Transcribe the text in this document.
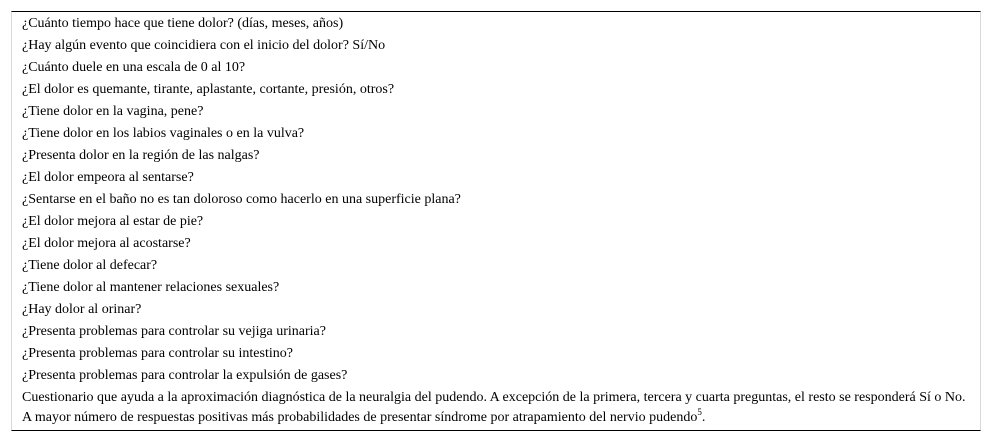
¿Cuánto tiempo hace que tiene dolor? (días, meses, años)
¿Hay algún evento que coincidiera con el inicio del dolor? Sí/No
¿Cuánto duele en una escala de 0 al 10?
¿El dolor es quemante, tirante, aplastante, cortante, presión, otros?
¿Tiene dolor en la vagina, pene?
¿Tiene dolor en los labios vaginales o en la vulva?
¿Presenta dolor en la región de las nalgas?
¿El dolor empeora al sentarse?
¿Sentarse en el baño no es tan doloroso como hacerlo en una superficie plana?
¿El dolor mejora al estar de pie?
¿El dolor mejora al acostarse?
¿Tiene dolor al defecar?
¿Tiene dolor al mantener relaciones sexuales?
¿Hay dolor al orinar?
¿Presenta problemas para controlar su vejiga urinaria?
¿Presenta problemas para controlar su intestino?
¿Presenta problemas para controlar la expulsión de gases?
Cuestionario que ayuda a la aproximación diagnóstica de la neuralgia del pudendo. A excepción de la primera, tercera y cuarta preguntas, el resto se responderá Sí o No. A mayor número de respuestas positivas más probabilidades de presentar síndrome por atrapamiento del nervio pudendo$^5$.
